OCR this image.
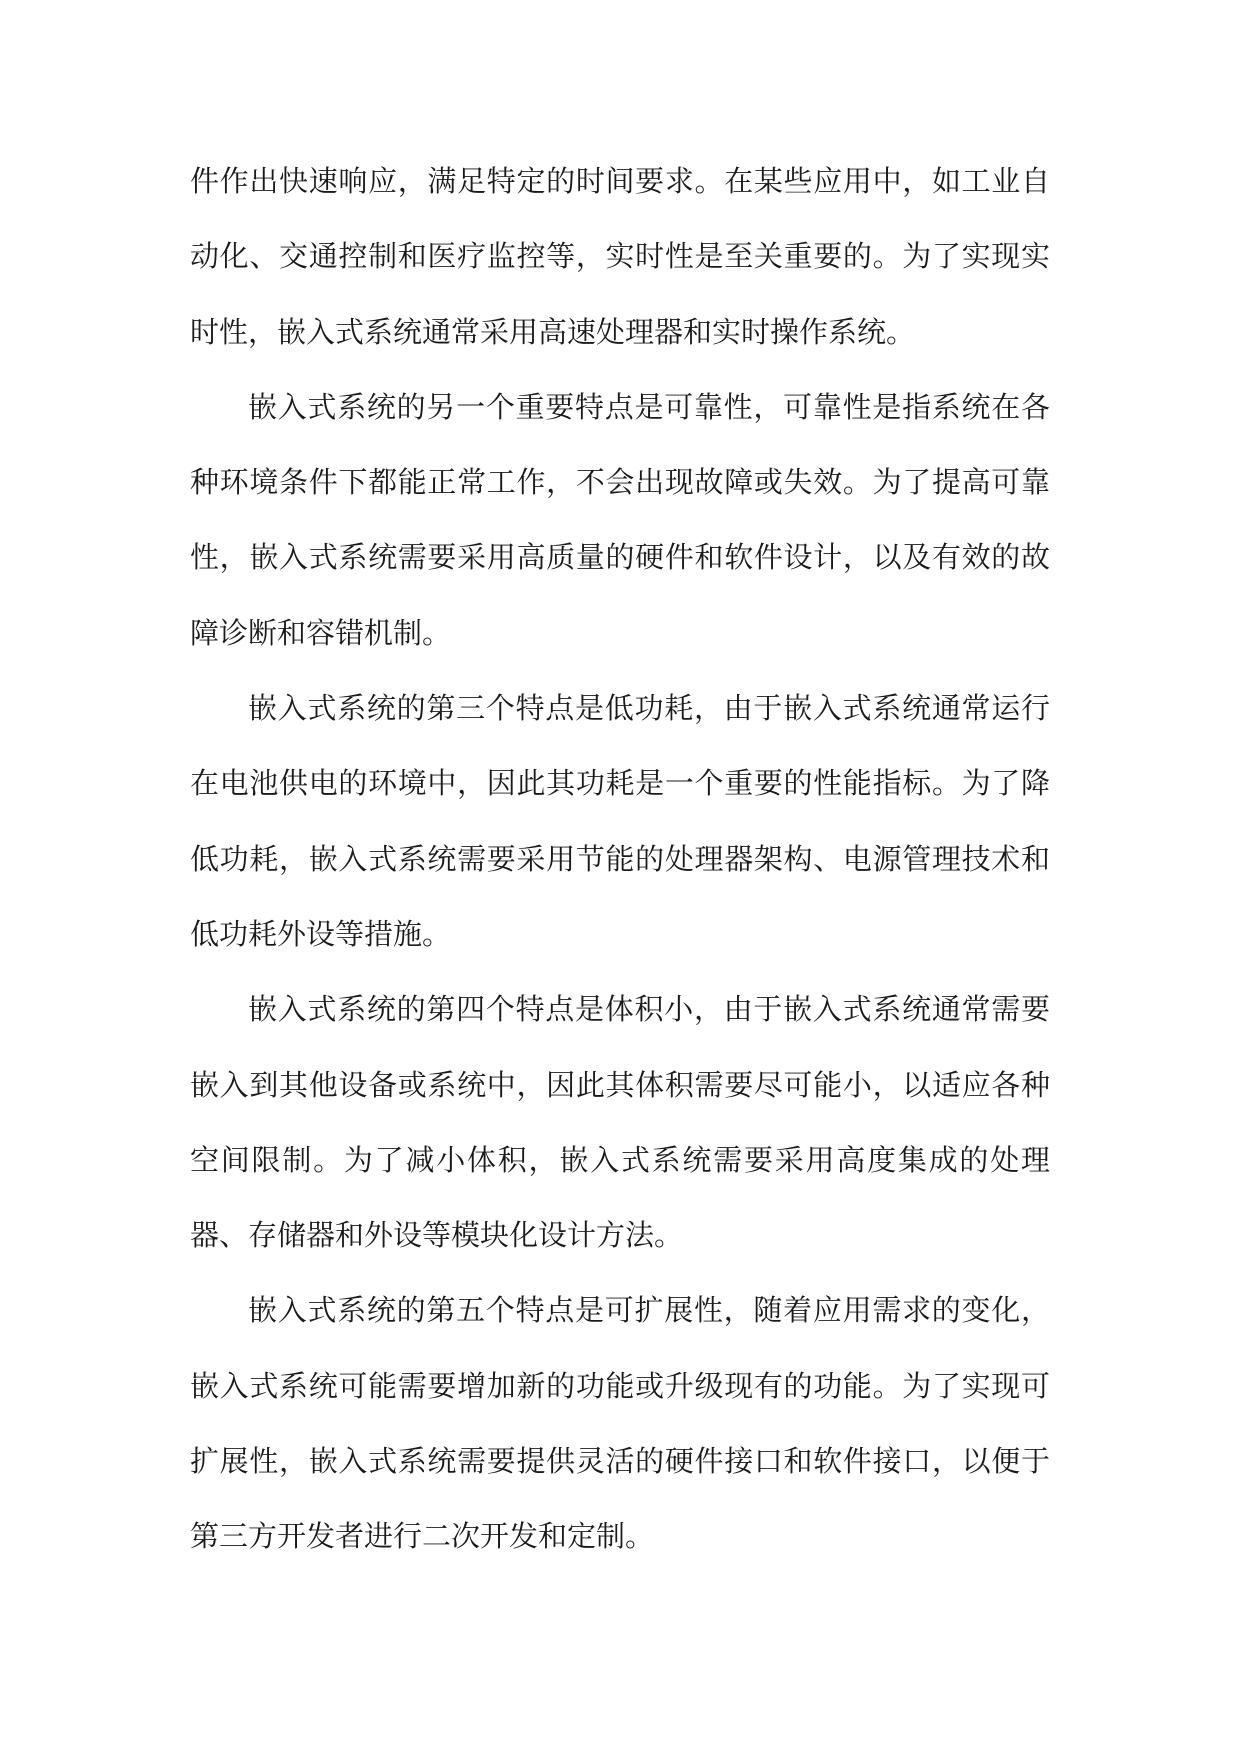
件作出快速响应，满足特定的时间要求。在某些应用中，如工业自动化、交通控制和医疗监控等，实时性是至关重要的。为了实现实时性，嵌入式系统通常采用高速处理器和实时操作系统。

嵌入式系统的另一个重要特点是可靠性，可靠性是指系统在各种环境条件下都能正常工作，不会出现故障或失效。为了提高可靠性，嵌入式系统需要采用高质量的硬件和软件设计，以及有效的故障诊断和容错机制。

嵌入式系统的第三个特点是低功耗，由于嵌入式系统通常运行在电池供电的环境中，因此其功耗是一个重要的性能指标。为了降低功耗，嵌入式系统需要采用节能的处理器架构、电源管理技术和低功耗外设等措施。

嵌入式系统的第四个特点是体积小，由于嵌入式系统通常需要嵌入到其他设备或系统中，因此其体积需要尽可能小，以适应各种空间限制。为了减小体积，嵌入式系统需要采用高度集成的处理器、存储器和外设等模块化设计方法。

嵌入式系统的第五个特点是可扩展性，随着应用需求的变化，嵌入式系统可能需要增加新的功能或升级现有的功能。为了实现可扩展性，嵌入式系统需要提供灵活的硬件接口和软件接口，以便于第三方开发者进行二次开发和定制。
